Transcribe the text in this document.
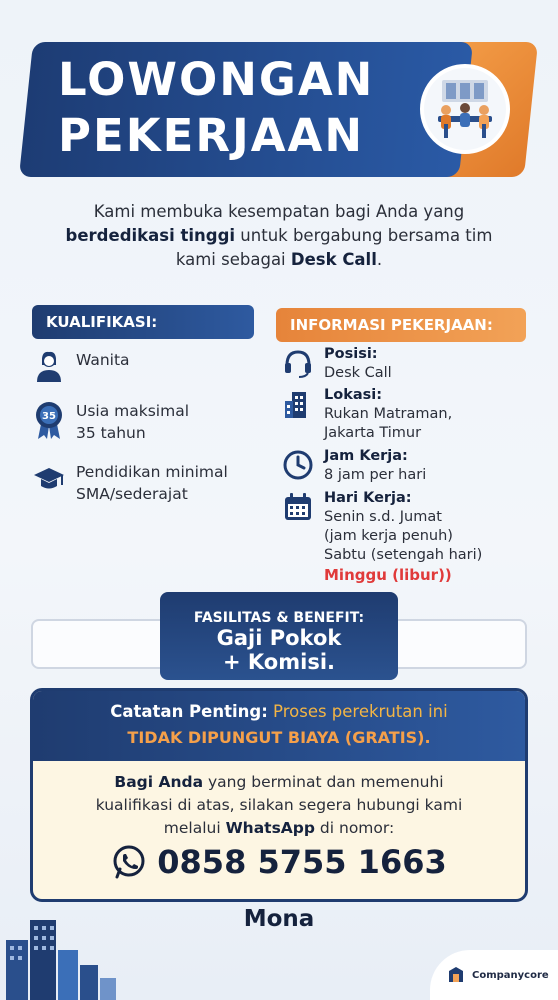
LOWONGAN
PEKERJAAN
Kami membuka kesempatan bagi Anda yang
berdedikasi tinggi untuk bergabung bersama tim
kami sebagai Desk Call.
KUALIFIKASI:
Wanita
35 Usia maksimal
35 tahun
Pendidikan minimal
SMA/sederajat
INFORMASI PEKERJAAN:
Posisi:
Desk Call
Lokasi:
Rukan Matraman,
Jakarta Timur
Jam Kerja:
8 jam per hari
Hari Kerja:
Senin s.d. Jumat
(jam kerja penuh)
Sabtu (setengah hari)
Minggu (libur))
FASILITAS & BENEFIT:
Gaji Pokok
+ Komisi.
Catatan Penting: Proses perekrutan ini
TIDAK DIPUNGUT BIAYA (GRATIS).
Bagi Anda yang berminat dan memenuhi
kualifikasi di atas, silakan segera hubungi kami
melalui WhatsApp di nomor:
0858 5755 1663
Mona
Companycore
